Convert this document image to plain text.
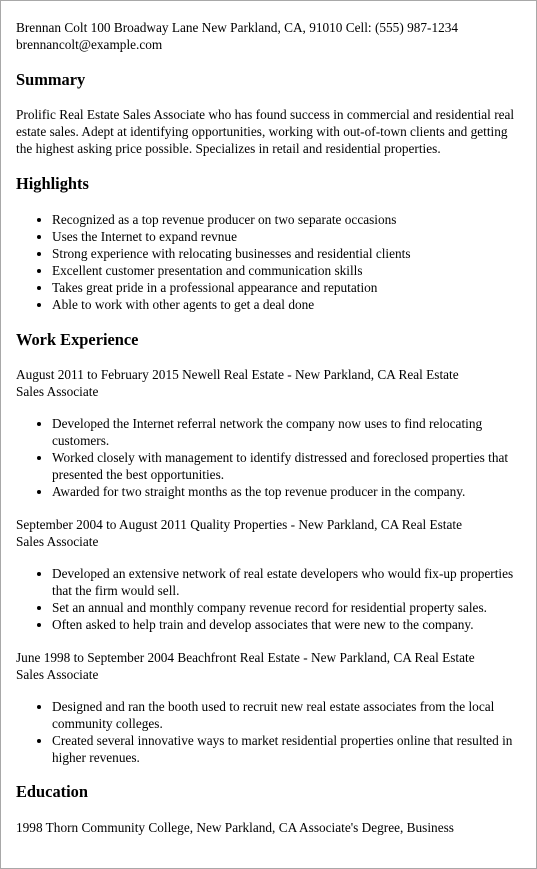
Brennan Colt 100 Broadway Lane New Parkland, CA, 91010 Cell: (555) 987-1234
brennancolt@example.com
Summary

Prolific Real Estate Sales Associate who has found success in commercial and residential real estate sales. Adept at identifying opportunities, working with out-of-town clients and getting the highest asking price possible. Specializes in retail and residential properties.

Highlights
• Recognized as a top revenue producer on two separate occasions
• Uses the Internet to expand revnue
• Strong experience with relocating businesses and residential clients
• Excellent customer presentation and communication skills
• Takes great pride in a professional appearance and reputation
• Able to work with other agents to get a deal done
Work Experience
August 2011 to February 2015 Newell Real Estate - New Parkland, CA Real Estate
Sales Associate
• Developed the Internet referral network the company now uses to find relocating customers.
• Worked closely with management to identify distressed and foreclosed properties that presented the best opportunities.
• Awarded for two straight months as the top revenue producer in the company.
September 2004 to August 2011 Quality Properties - New Parkland, CA Real Estate
Sales Associate
• Developed an extensive network of real estate developers who would fix-up properties that the firm would sell.
• Set an annual and monthly company revenue record for residential property sales.
• Often asked to help train and develop associates that were new to the company.
June 1998 to September 2004 Beachfront Real Estate - New Parkland, CA Real Estate
Sales Associate
• Designed and ran the booth used to recruit new real estate associates from the local community colleges.
• Created several innovative ways to market residential properties online that resulted in higher revenues.
Education

1998 Thorn Community College, New Parkland, CA Associate's Degree, Business
